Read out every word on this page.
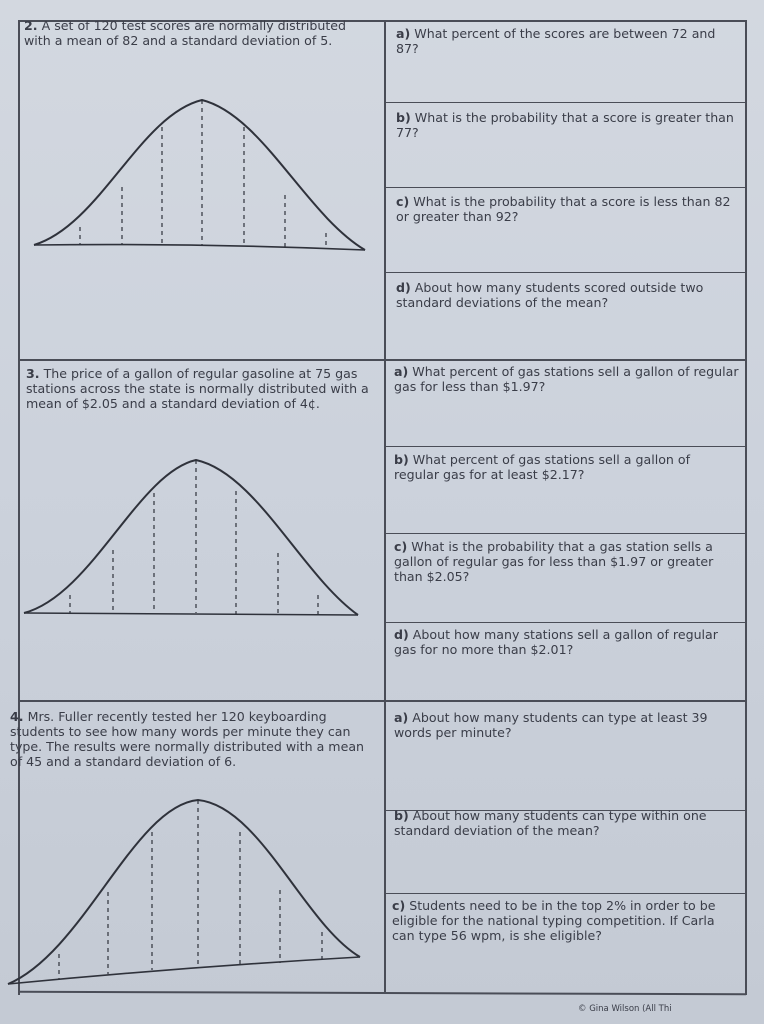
2. A set of 120 test scores are normally distributed with a mean of 82 and a standard deviation of 5.	a) What percent of the scores are between 72 and 87?
b) What is the probability that a score is greater than 77?
c) What is the probability that a score is less than 82 or greater than 92?
d) About how many students scored outside two standard deviations of the mean?
3. The price of a gallon of regular gasoline at 75 gas stations across the state is normally distributed with a mean of $2.05 and a standard deviation of 4¢.
a) What percent of gas stations sell a gallon of regular gas for less than $1.97?
b) What percent of gas stations sell a gallon of regular gas for at least $2.17?
c) What is the probability that a gas station sells a gallon of regular gas for less than $1.97 or greater than $2.05?
d) About how many stations sell a gallon of regular gas for no more than $2.01?
4. Mrs. Fuller recently tested her 120 keyboarding students to see how many words per minute they can type. The results were normally distributed with a mean of 45 and a standard deviation of 6.
a) About how many students can type at least 39 words per minute?
b) About how many students can type within one standard deviation of the mean?
c) Students need to be in the top 2% in order to be eligible for the national typing competition. If Carla can type 56 wpm, is she eligible?
© Gina Wilson (All Thi
